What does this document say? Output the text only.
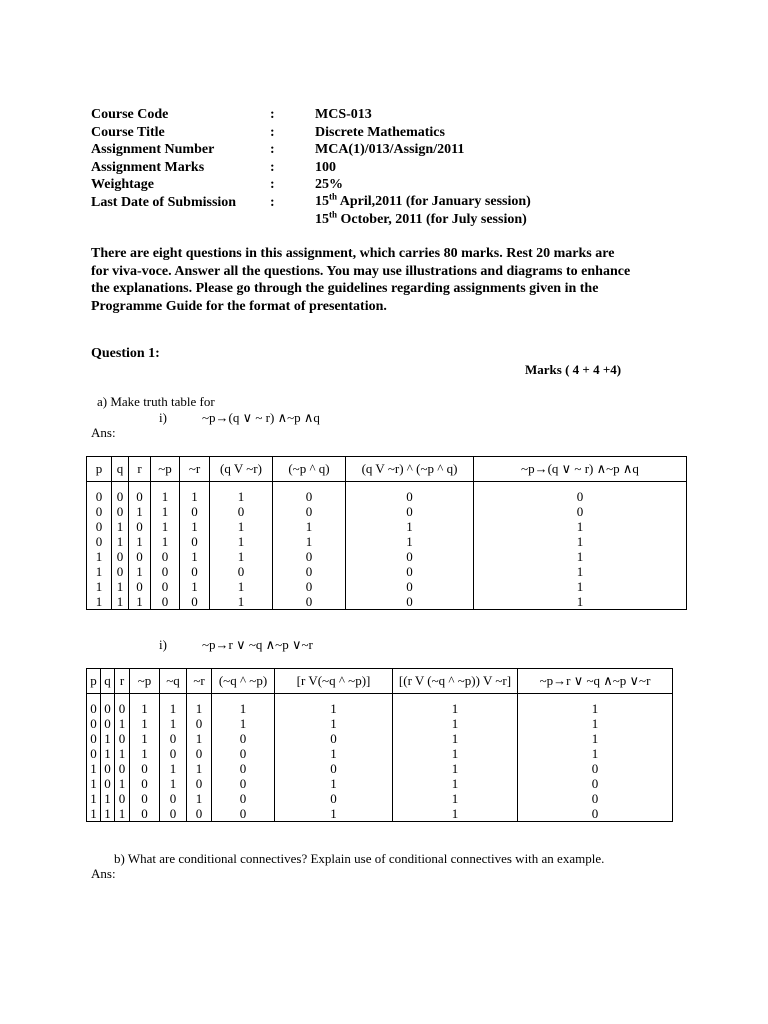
Course Code	:	MCS-013
Course Title	:	Discrete Mathematics
Assignment Number	:	MCA(1)/013/Assign/2011
Assignment Marks	:	100
Weightage	:	25%
Last Date of Submission :	15th April,2011 (for January session)
15th October, 2011 (for July session)
There are eight questions in this assignment, which carries 80 marks. Rest 20 marks are
for viva-voce. Answer all the questions. You may use illustrations and diagrams to enhance
the explanations. Please go through the guidelines regarding assignments given in the
Programme Guide for the format of presentation.
Question 1:
Marks ( 4 + 4 +4)
a) Make truth table for
i)	~p→(q ∨ ~ r) ∧~p ∧q
Ans:
p	q	r	~p	~r	(q V ~r)	(~p ^ q)	(q V ~r) ^ (~p ^ q)	~p→(q ∨ ~ r) ∧~p ∧q

0	0	0	1	1	1	0	0	0
0	0	1	1	0	0	0	0	0
0	1	0	1	1	1	1	1	1
0	1	1	1	0	1	1	1	1
1	0	0	0	1	1	0	0	1
1	0	1	0	0	0	0	0	1
1	1	0	0	1	1	0	0	1
1	1	1	0	0	1	0	0	1
i)	~p→r ∨ ~q ∧~p ∨~r
p	q	r	~p	~q	~r	(~q ^ ~p)	[r V(~q ^ ~p)]	[(r V (~q ^ ~p)) V ~r]	~p→r ∨ ~q ∧~p ∨~r

0	0	0	1	1	1	1	1	1	1
0	0	1	1	1	0	1	1	1	1
0	1	0	1	0	1	0	0	1	1
0	1	1	1	0	0	0	1	1	1
1	0	0	0	1	1	0	0	1	0
1	0	1	0	1	0	0	1	1	0
1	1	0	0	0	1	0	0	1	0
1	1	1	0	0	0	0	1	1	0
b) What are conditional connectives? Explain use of conditional connectives with an example.
Ans:
